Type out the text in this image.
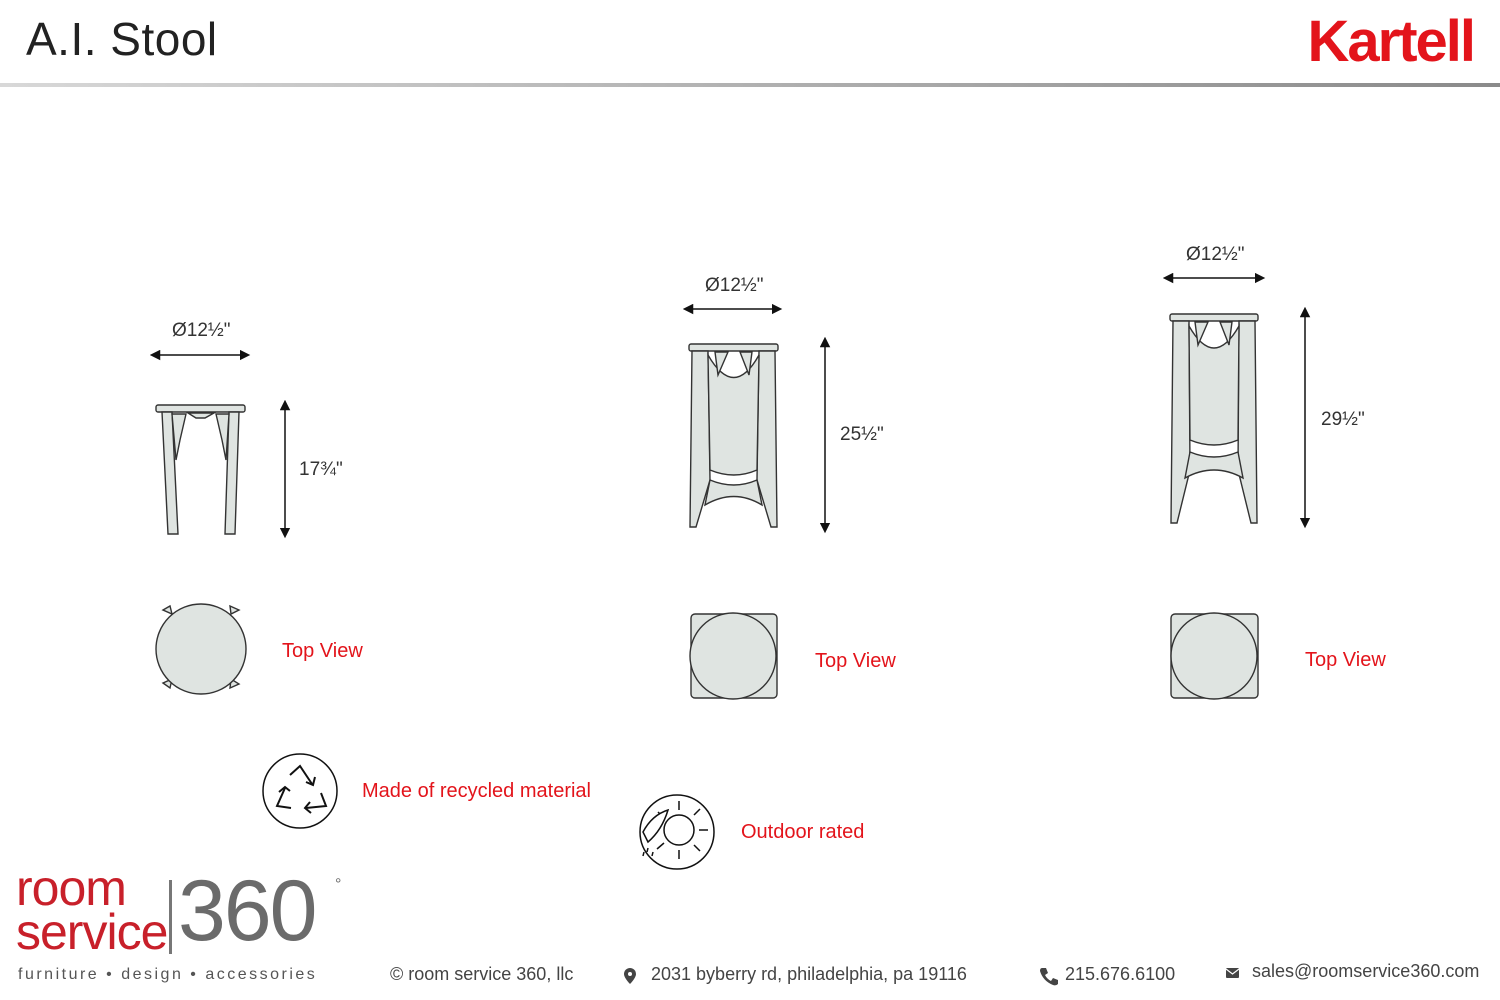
A.I. Stool	Kartell
Ø12½"
17¾"
Top View
Ø12½"
25½"
Top View
Ø12½"
29½"
Top View
Made of recycled material
Outdoor rated
room
service 360 °
furniture • design • accessories	© room service 360, llc	2031 byberry rd, philadelphia, pa 19116	215.676.6100	sales@roomservice360.com
